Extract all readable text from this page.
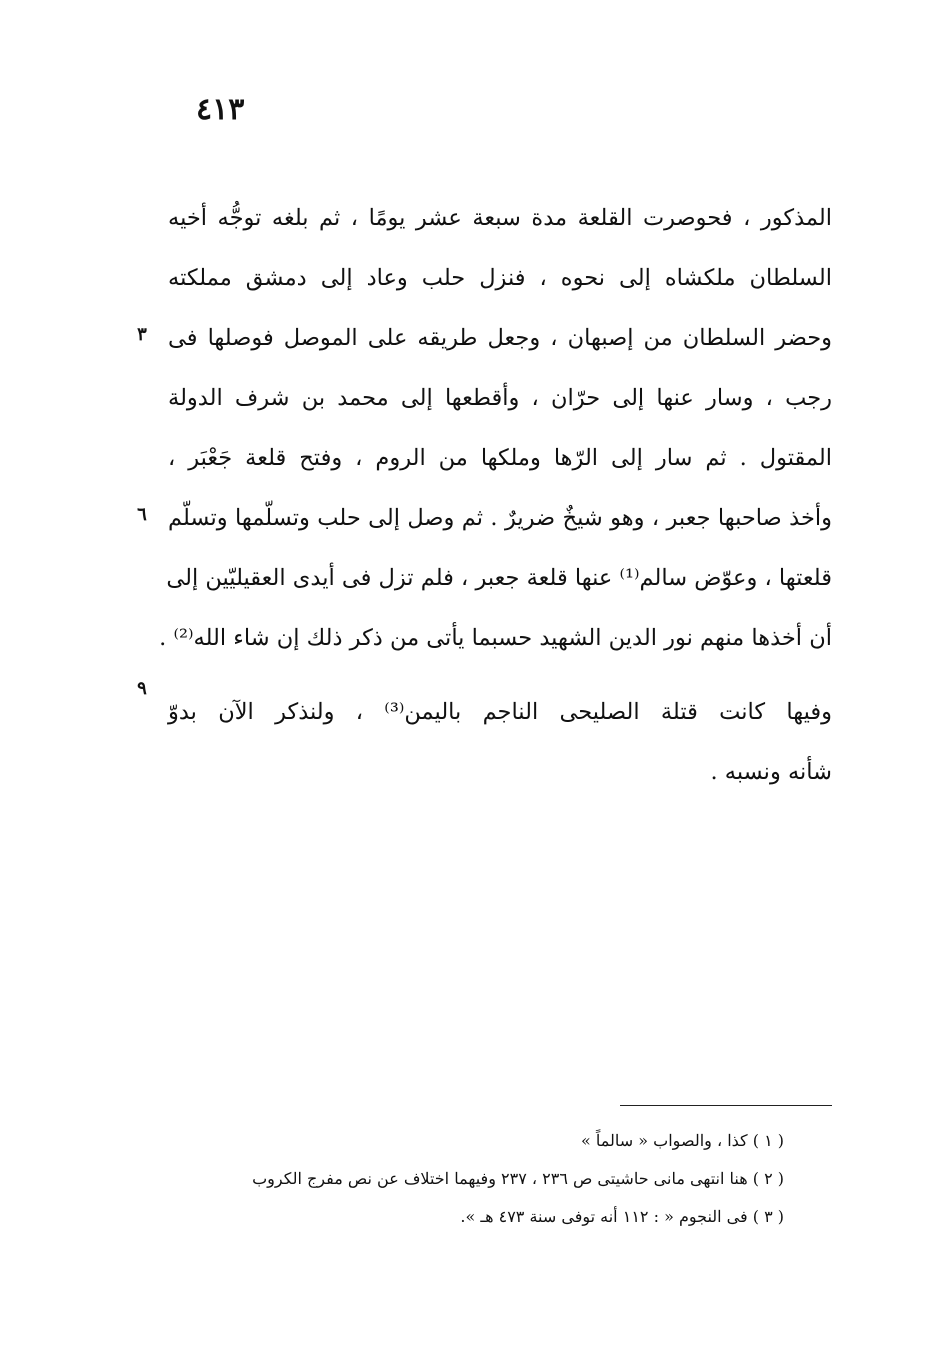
٤١٣
المذكور ، فحوصرت القلعة مدة سبعة عشر يومًا ، ثم بلغه توجُّه أخيه
السلطان ملكشاه إلى نحوه ، فنزل حلب وعاد إلى دمشق مملكته
وحضر السلطان من إصبهان ، وجعل طريقه على الموصل فوصلها فى
رجب ، وسار عنها إلى حرّان ، وأقطعها إلى محمد بن شرف الدولة
المقتول . ثم سار إلى الرّها وملكها من الروم ، وفتح قلعة جَعْبَر ،
وأخذ صاحبها جعبر ، وهو شيخٌ ضريرٌ . ثم وصل إلى حلب وتسلّمها وتسلّم
قلعتها ، وعوّض سالم⁽¹⁾ عنها قلعة جعبر ، فلم تزل فى أيدى العقيليّين إلى
أن أخذها منهم نور الدين الشهيد حسبما يأتى من ذكر ذلك إن شاء الله⁽²⁾ .
وفيها كانت قتلة الصليحى الناجم باليمن⁽³⁾ ، ولنذكر الآن بدوّ
شأنه ونسبه .
٣
٦
٩
( ١ ) كذا ، والصواب « سالماً »
( ٢ ) هنا انتهى مانى حاشيتى ص ٢٣٦ ، ٢٣٧ وفيهما اختلاف عن نص مفرج الكروب
( ٣ ) فى النجوم « : ١١٢ أنه توفى سنة ٤٧٣ هـ ».
